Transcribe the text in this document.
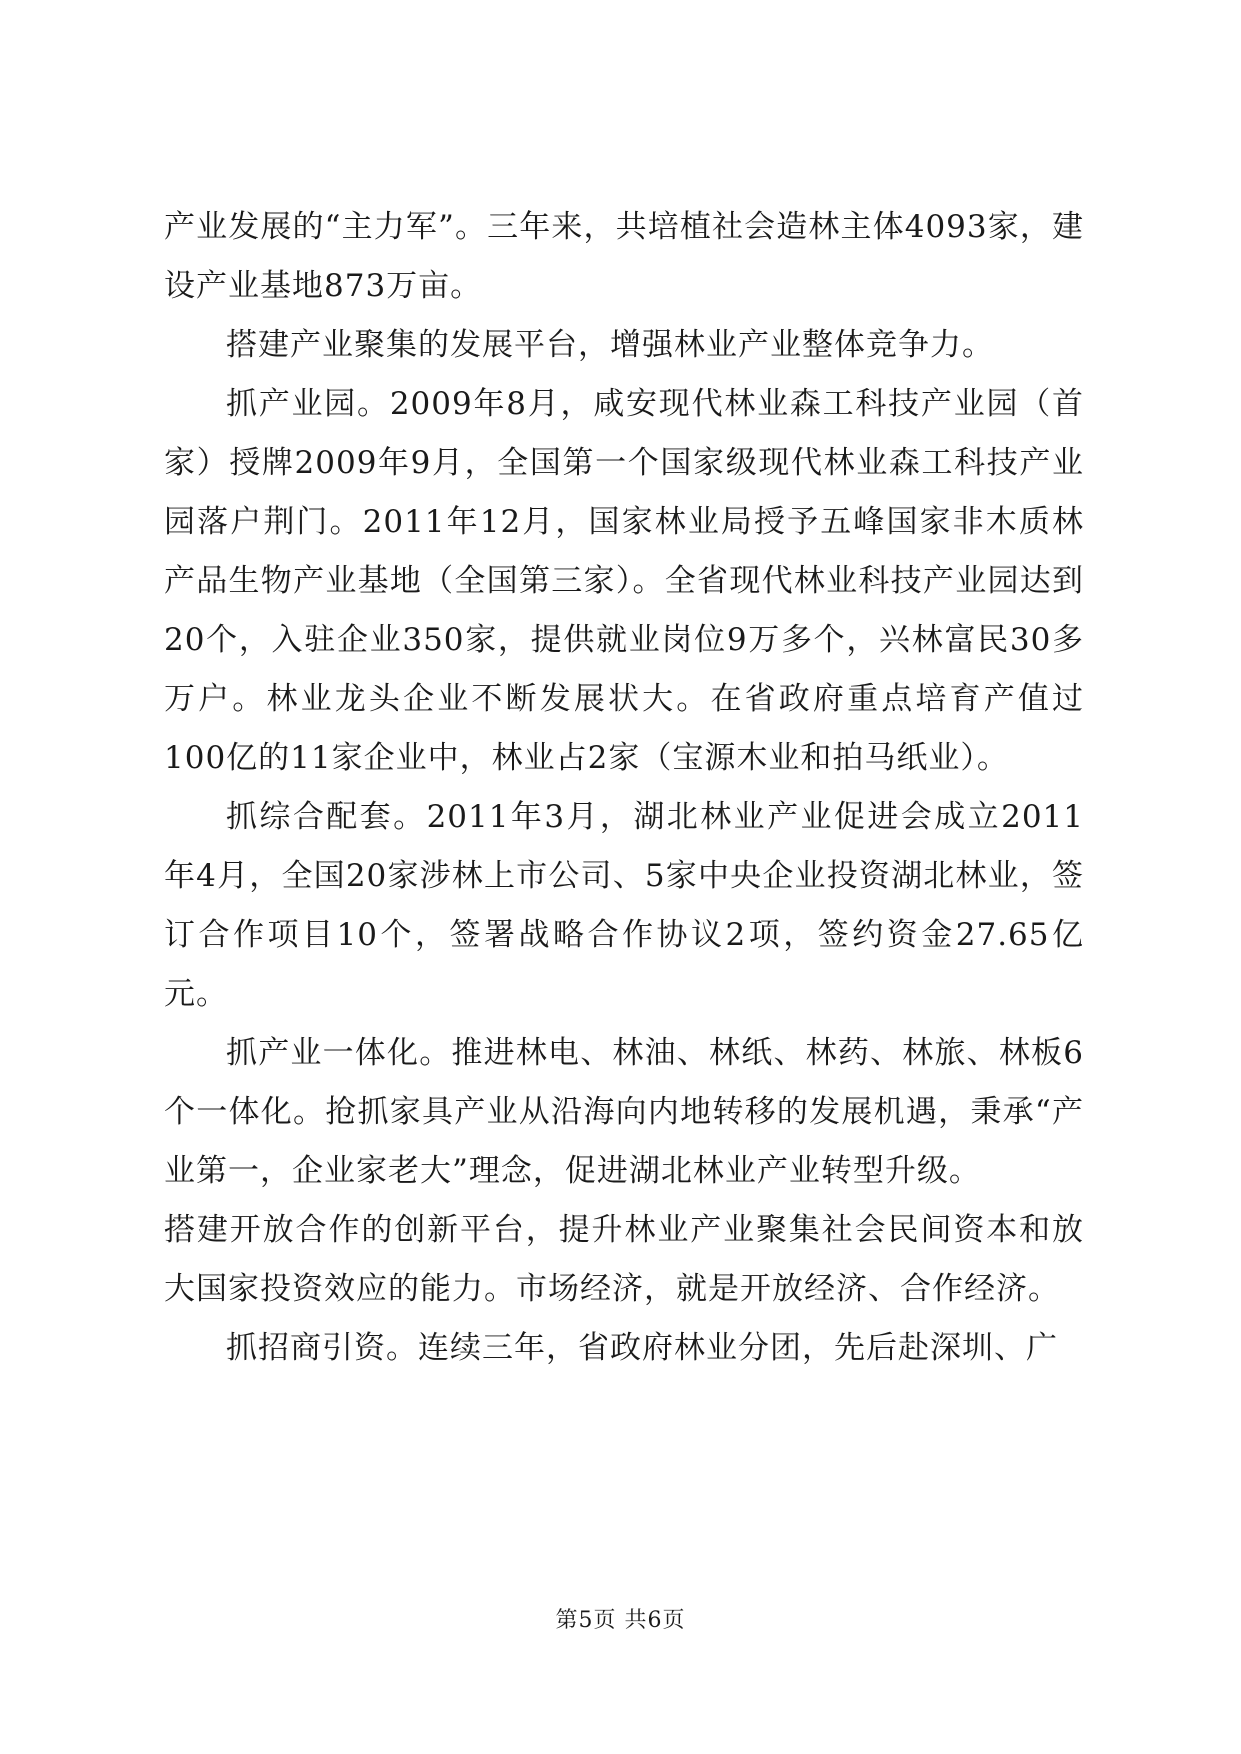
产业发展的“主力军”。三年来，共培植社会造林主体4093家，建设产业基地873万亩。

搭建产业聚集的发展平台，增强林业产业整体竞争力。

抓产业园。2009年8月，咸安现代林业森工科技产业园（首家）授牌2009年9月，全国第一个国家级现代林业森工科技产业园落户荆门。2011年12月，国家林业局授予五峰国家非木质林产品生物产业基地（全国第三家）。全省现代林业科技产业园达到20个，入驻企业350家，提供就业岗位9万多个，兴林富民30多万户。林业龙头企业不断发展状大。在省政府重点培育产值过100亿的11家企业中，林业占2家（宝源木业和拍马纸业）。

抓综合配套。2011年3月，湖北林业产业促进会成立2011年4月，全国20家涉林上市公司、5家中央企业投资湖北林业，签订合作项目10个，签署战略合作协议2项，签约资金27.65亿元。

抓产业一体化。推进林电、林油、林纸、林药、林旅、林板6个一体化。抢抓家具产业从沿海向内地转移的发展机遇，秉承“产业第一，企业家老大”理念，促进湖北林业产业转型升级。

搭建开放合作的创新平台，提升林业产业聚集社会民间资本和放大国家投资效应的能力。市场经济，就是开放经济、合作经济。

抓招商引资。连续三年，省政府林业分团，先后赴深圳、广

第5页 共6页
